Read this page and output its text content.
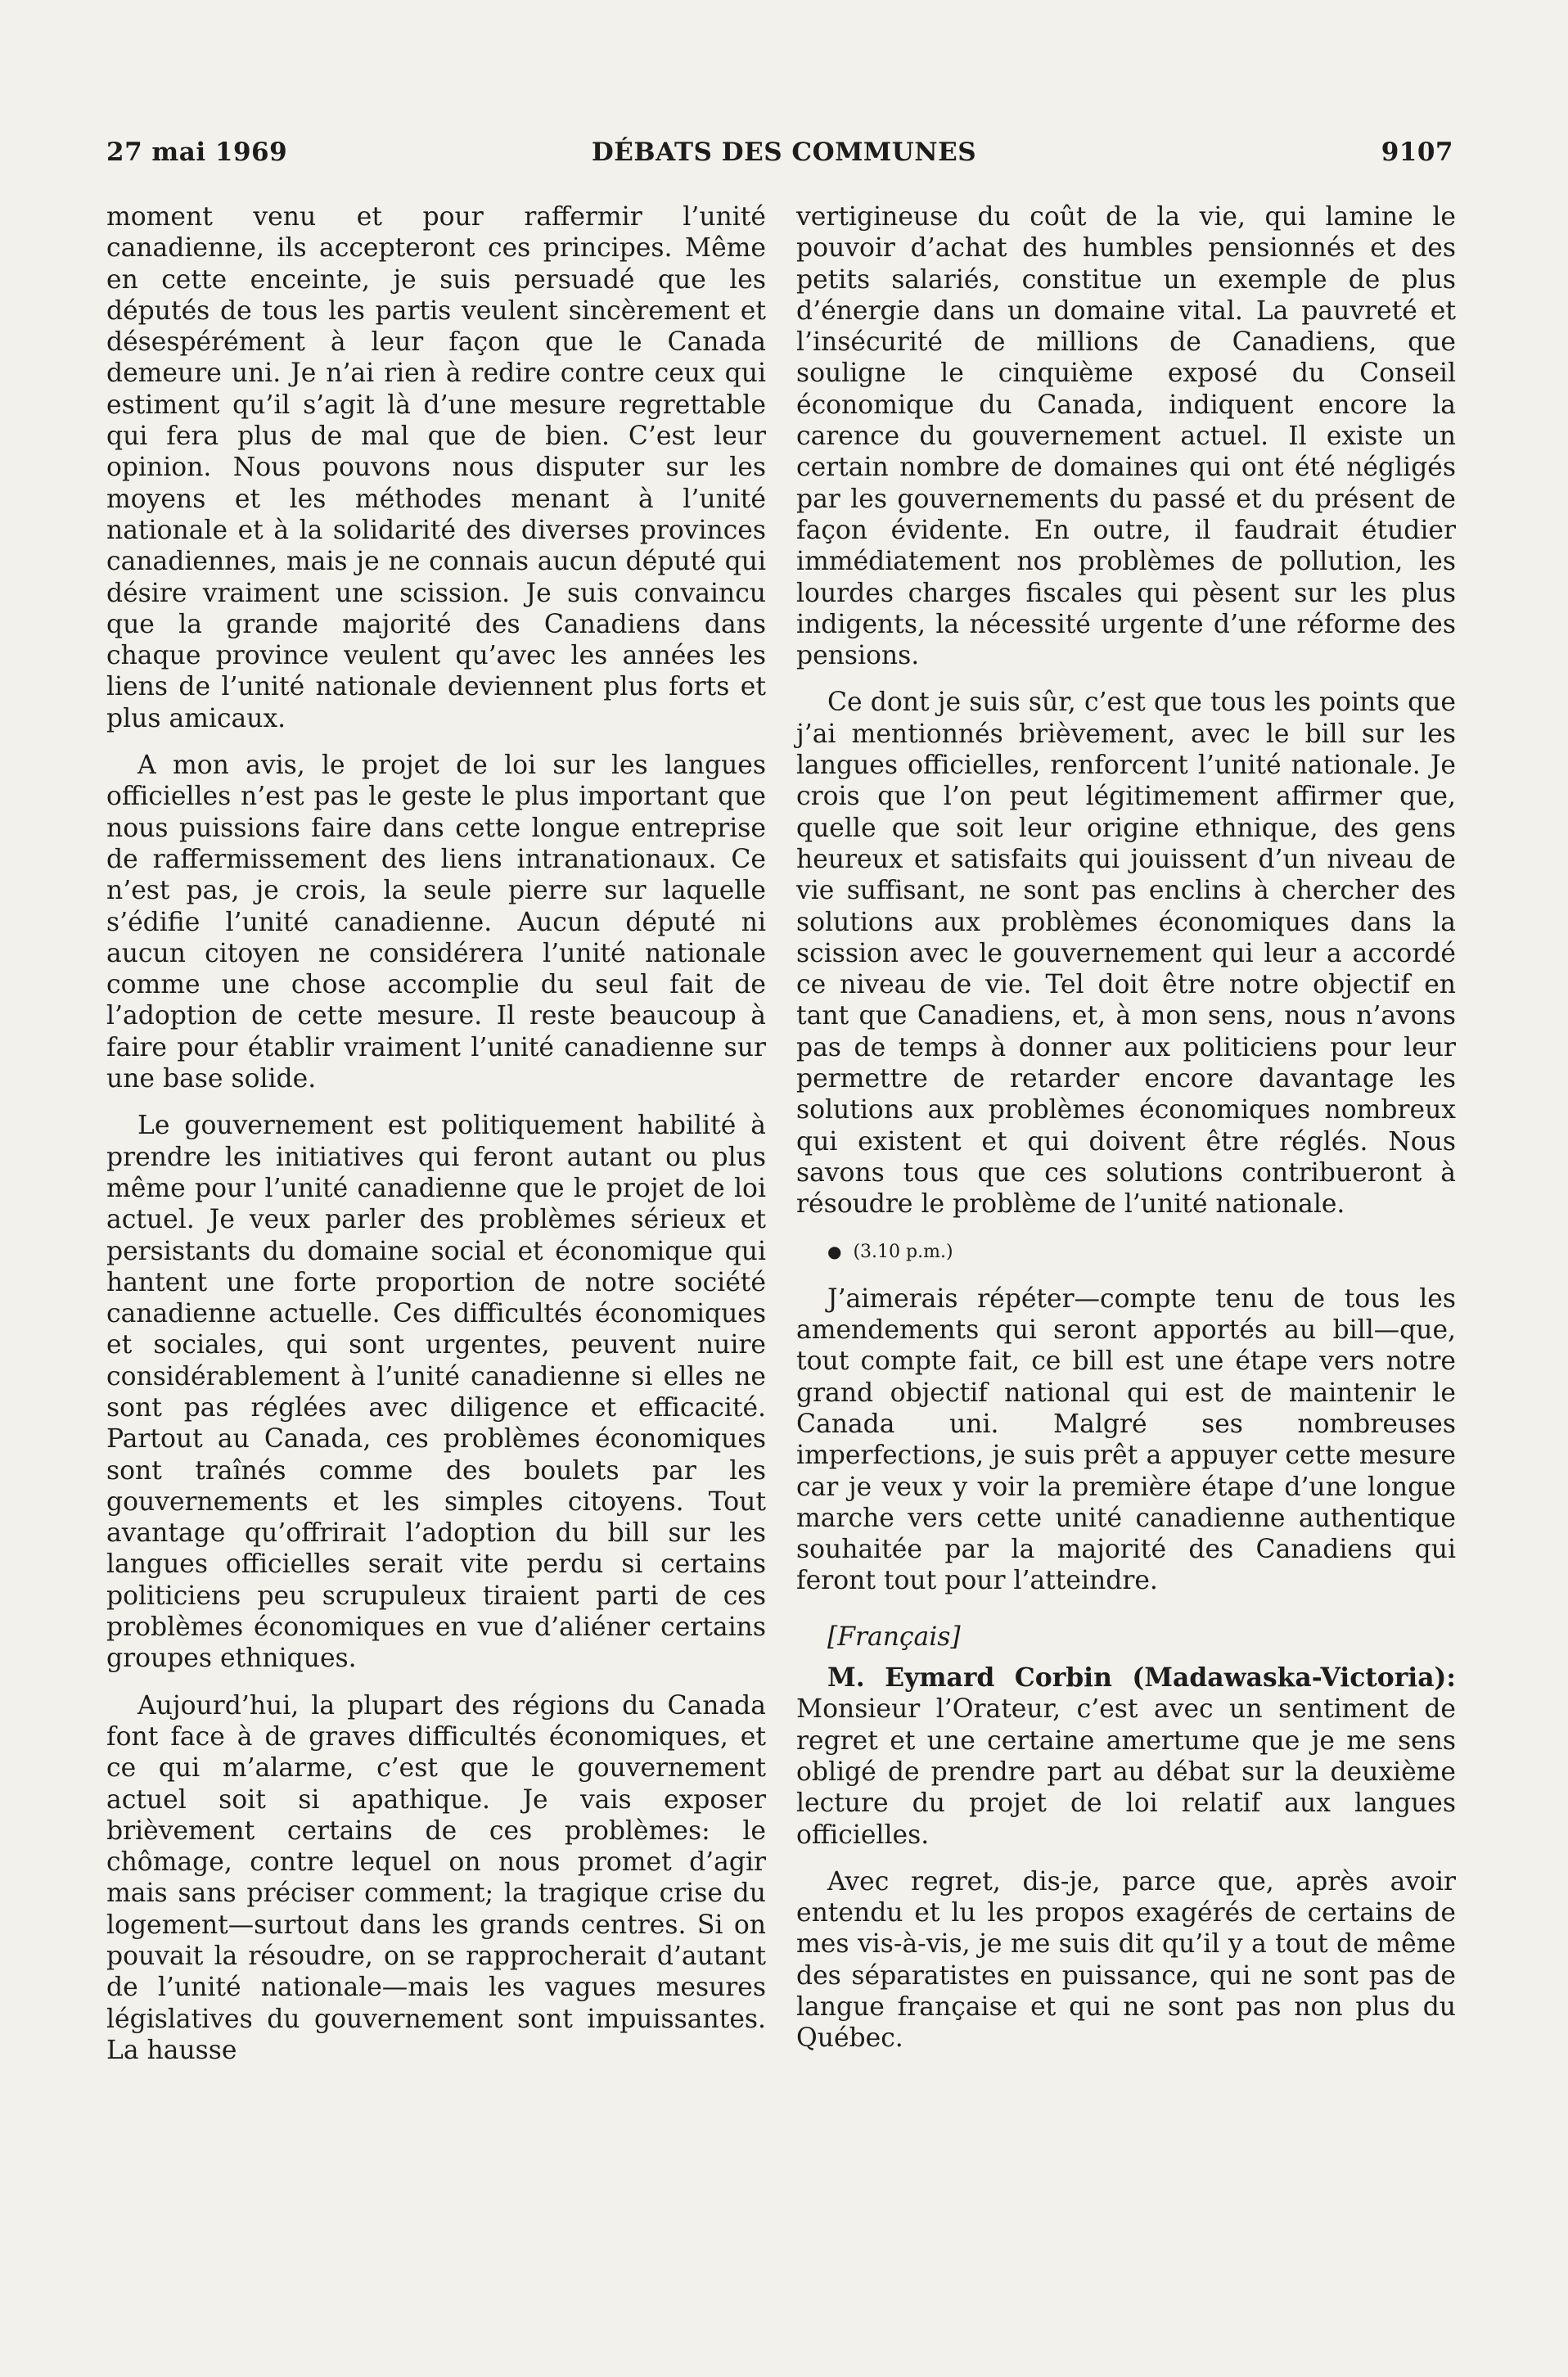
27 mai 1969	DÉBATS DES COMMUNES	9107

moment venu et pour raffermir l’unité canadienne, ils accepteront ces principes. Même en cette enceinte, je suis persuadé que les députés de tous les partis veulent sincèrement et désespérément à leur façon que le Canada demeure uni. Je n’ai rien à redire contre ceux qui estiment qu’il s’agit là d’une mesure regrettable qui fera plus de mal que de bien. C’est leur opinion. Nous pouvons nous disputer sur les moyens et les méthodes menant à l’unité nationale et à la solidarité des diverses provinces canadiennes, mais je ne connais aucun député qui désire vraiment une scission. Je suis convaincu que la grande majorité des Canadiens dans chaque province veulent qu’avec les années les liens de l’unité nationale deviennent plus forts et plus amicaux.

A mon avis, le projet de loi sur les langues officielles n’est pas le geste le plus important que nous puissions faire dans cette longue entreprise de raffermissement des liens intranationaux. Ce n’est pas, je crois, la seule pierre sur laquelle s’édifie l’unité canadienne. Aucun député ni aucun citoyen ne considérera l’unité nationale comme une chose accomplie du seul fait de l’adoption de cette mesure. Il reste beaucoup à faire pour établir vraiment l’unité canadienne sur une base solide.

Le gouvernement est politiquement habilité à prendre les initiatives qui feront autant ou plus même pour l’unité canadienne que le projet de loi actuel. Je veux parler des problèmes sérieux et persistants du domaine social et économique qui hantent une forte proportion de notre société canadienne actuelle. Ces difficultés économiques et sociales, qui sont urgentes, peuvent nuire considérablement à l’unité canadienne si elles ne sont pas réglées avec diligence et efficacité. Partout au Canada, ces problèmes économiques sont traînés comme des boulets par les gouvernements et les simples citoyens. Tout avantage qu’offrirait l’adoption du bill sur les langues officielles serait vite perdu si certains politiciens peu scrupuleux tiraient parti de ces problèmes économiques en vue d’aliéner certains groupes ethniques.

Aujourd’hui, la plupart des régions du Canada font face à de graves difficultés économiques, et ce qui m’alarme, c’est que le gouvernement actuel soit si apathique. Je vais exposer brièvement certains de ces problèmes: le chômage, contre lequel on nous promet d’agir mais sans préciser comment; la tragique crise du logement—surtout dans les grands centres. Si on pouvait la résoudre, on se rapprocherait d’autant de l’unité nationale—mais les vagues mesures législatives du gouvernement sont impuissantes. La hausse

vertigineuse du coût de la vie, qui lamine le pouvoir d’achat des humbles pensionnés et des petits salariés, constitue un exemple de plus d’énergie dans un domaine vital. La pauvreté et l’insécurité de millions de Canadiens, que souligne le cinquième exposé du Conseil économique du Canada, indiquent encore la carence du gouvernement actuel. Il existe un certain nombre de domaines qui ont été négligés par les gouvernements du passé et du présent de façon évidente. En outre, il faudrait étudier immédiatement nos problèmes de pollution, les lourdes charges fiscales qui pèsent sur les plus indigents, la nécessité urgente d’une réforme des pensions.

Ce dont je suis sûr, c’est que tous les points que j’ai mentionnés brièvement, avec le bill sur les langues officielles, renforcent l’unité nationale. Je crois que l’on peut légitimement affirmer que, quelle que soit leur origine ethnique, des gens heureux et satisfaits qui jouissent d’un niveau de vie suffisant, ne sont pas enclins à chercher des solutions aux problèmes économiques dans la scission avec le gouvernement qui leur a accordé ce niveau de vie. Tel doit être notre objectif en tant que Canadiens, et, à mon sens, nous n’avons pas de temps à donner aux politiciens pour leur permettre de retarder encore davantage les solutions aux problèmes économiques nombreux qui existent et qui doivent être réglés. Nous savons tous que ces solutions contribueront à résoudre le problème de l’unité nationale.

● (3.10 p.m.)

J’aimerais répéter—compte tenu de tous les amendements qui seront apportés au bill—que, tout compte fait, ce bill est une étape vers notre grand objectif national qui est de maintenir le Canada uni. Malgré ses nombreuses imperfections, je suis prêt a appuyer cette mesure car je veux y voir la première étape d’une longue marche vers cette unité canadienne authentique souhaitée par la majorité des Canadiens qui feront tout pour l’atteindre.

[Français]

M. Eymard Corbin (Madawaska-Victoria): Monsieur l’Orateur, c’est avec un sentiment de regret et une certaine amertume que je me sens obligé de prendre part au débat sur la deuxième lecture du projet de loi relatif aux langues officielles.

Avec regret, dis-je, parce que, après avoir entendu et lu les propos exagérés de certains de mes vis-à-vis, je me suis dit qu’il y a tout de même des séparatistes en puissance, qui ne sont pas de langue française et qui ne sont pas non plus du Québec.
